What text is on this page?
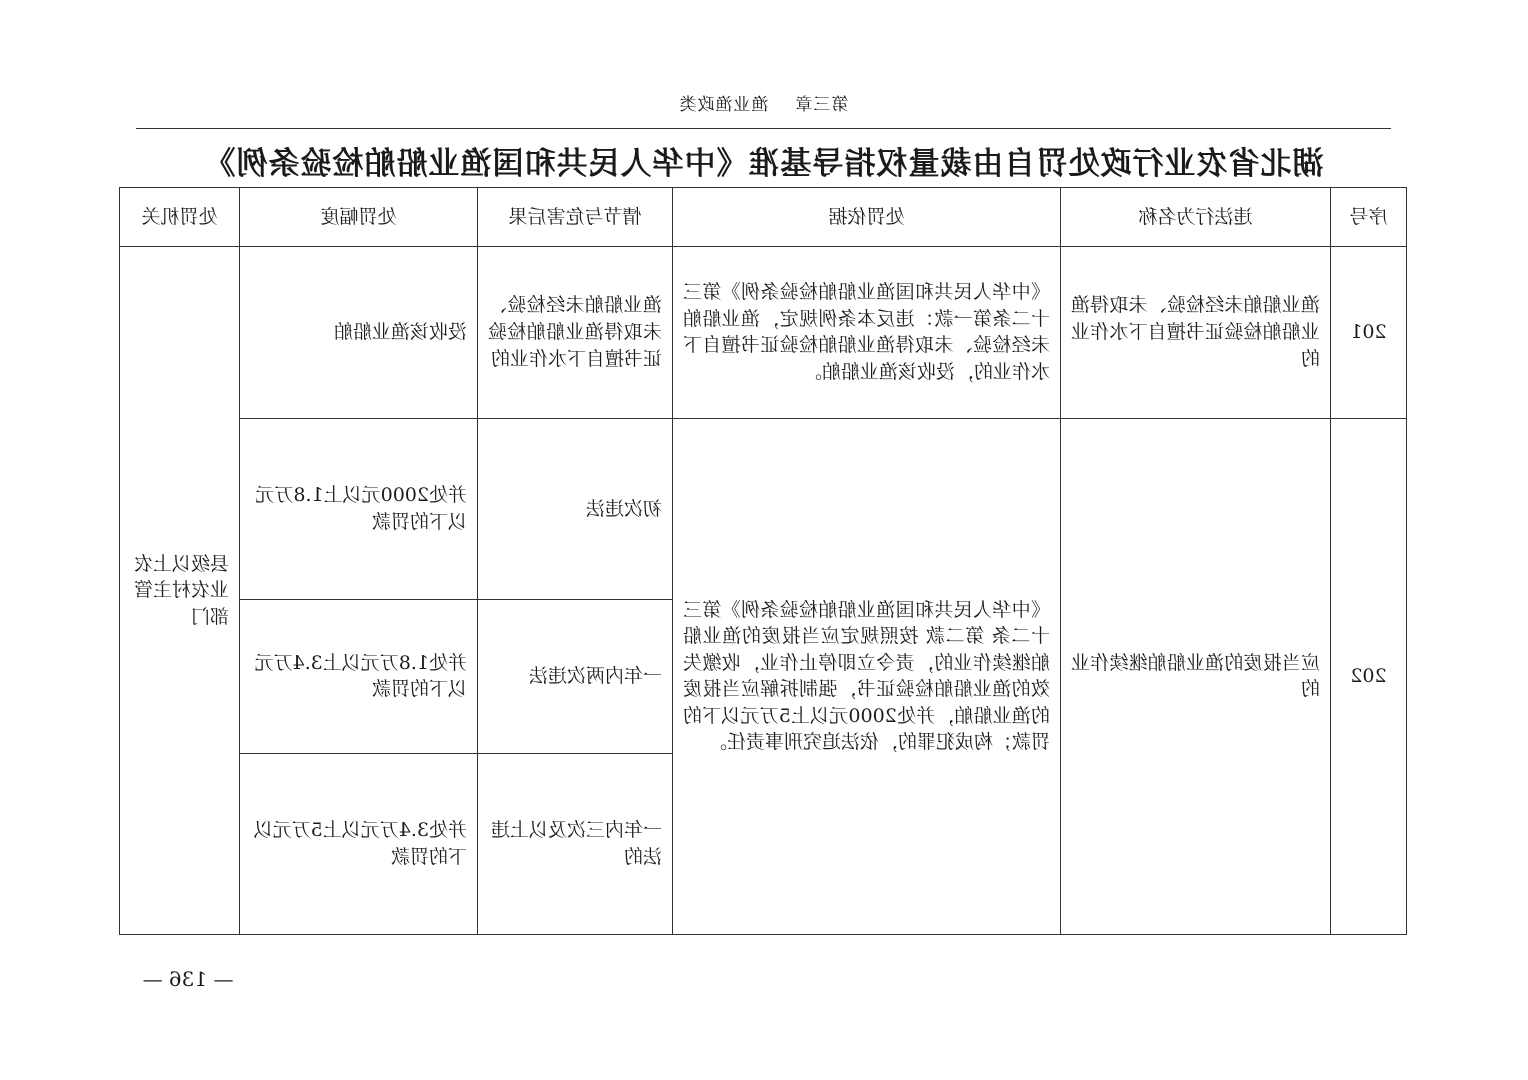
第三章渔业渔政类
湖北省农业行政处罚自由裁量权指导基准《中华人民共和国渔业船舶检验条例》
序号	违法行为名称	处罚依据	情节与危害后果	处罚幅度	处罚机关
201	渔业船舶未经检验、未取得渔业船舶检验证书擅自下水作业的	《中华人民共和国渔业船舶检验条例》第三十二条第一款：违反本条例规定，渔业船舶未经检验、未取得渔业船舶检验证书擅自下水作业的，没收该渔业船舶。	渔业船舶未经检验、未取得渔业船舶检验证书擅自下水作业的	没收该渔业船舶	县级以上农业农村主管部门
202	应当报废的渔业船舶继续作业的	《中华人民共和国渔业船舶检验条例》第三十二条 第二款 按照规定应当报废的渔业船舶继续作业的，责令立即停止作业，收缴失效的渔业船舶检验证书，强制拆解应当报废的渔业船舶，并处2000元以上5万元以下的罚款；构成犯罪的，依法追究刑事责任。	初次违法	并处2000元以上1.8万元以下的罚款	
			一年内两次违法	并处1.8万元以上3.4万元以下的罚款	
			一年内三次及以上违法的	并处3.4万元以上5万元以下的罚款	
— 136 —
